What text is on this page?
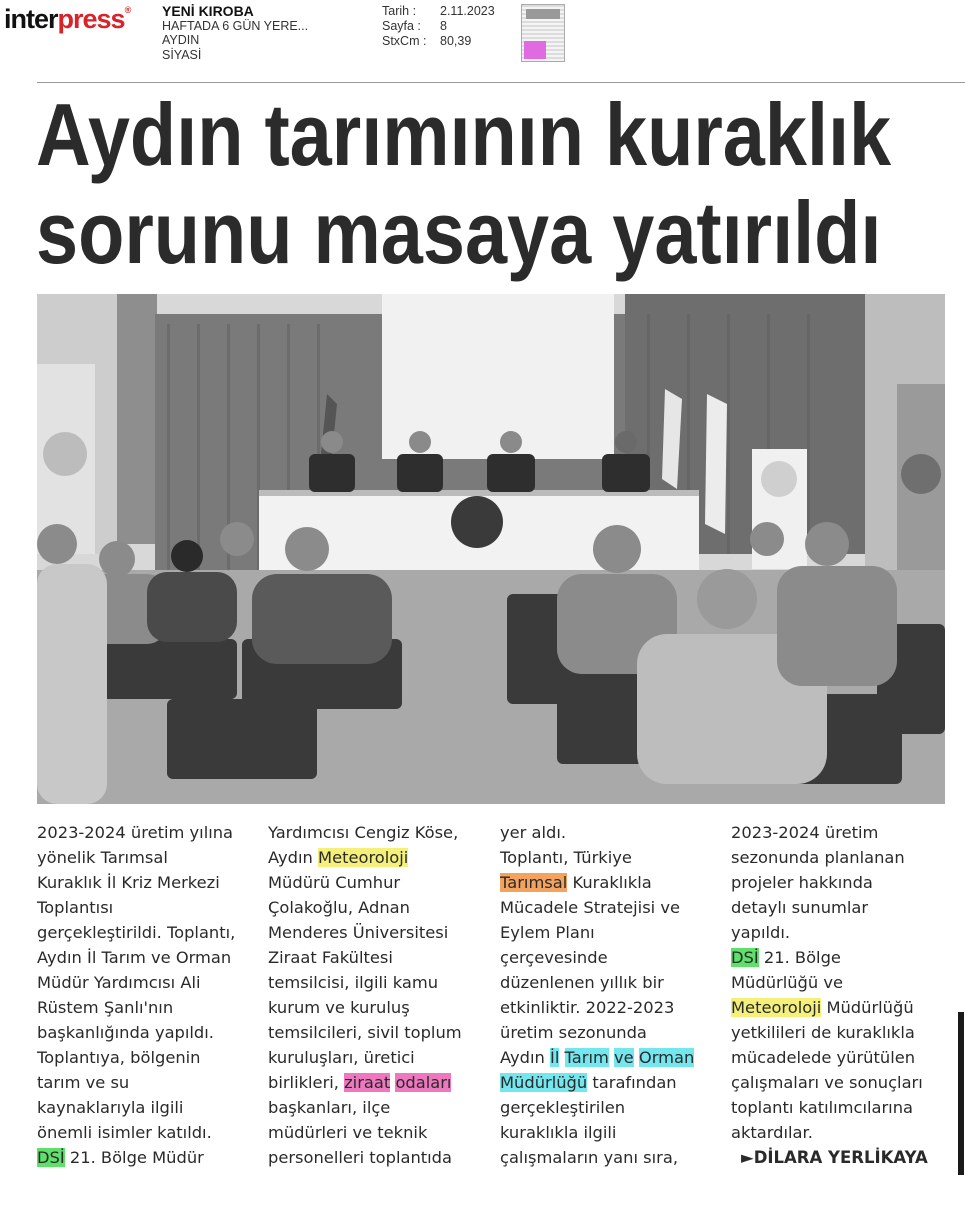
interpress® YENİ KIROBA
HAFTADA 6 GÜN YERE...
AYDIN
SİYASİ
Tarih :	2.11.2023
Sayfa :	8
StxCm :	80,39
Aydın tarımının kuraklık
sorunu masaya yatırıldı
2023-2024 üretim yılına
yönelik Tarımsal
Kuraklık İl Kriz Merkezi
Toplantısı
gerçekleştirildi. Toplantı,
Aydın İl Tarım ve Orman
Müdür Yardımcısı Ali
Rüstem Şanlı'nın
başkanlığında yapıldı.
Toplantıya, bölgenin
tarım ve su
kaynaklarıyla ilgili
önemli isimler katıldı.
DSİ 21. Bölge Müdür
Yardımcısı Cengiz Köse,
Aydın Meteoroloji
Müdürü Cumhur
Çolakoğlu, Adnan
Menderes Üniversitesi
Ziraat Fakültesi
temsilcisi, ilgili kamu
kurum ve kuruluş
temsilcileri, sivil toplum
kuruluşları, üretici
birlikleri, ziraat odaları
başkanları, ilçe
müdürleri ve teknik
personelleri toplantıda
yer aldı.
Toplantı, Türkiye
Tarımsal Kuraklıkla
Mücadele Stratejisi ve
Eylem Planı
çerçevesinde
düzenlenen yıllık bir
etkinliktir. 2022-2023
üretim sezonunda
Aydın İl Tarım ve Orman
Müdürlüğü tarafından
gerçekleştirilen
kuraklıkla ilgili
çalışmaların yanı sıra,
2023-2024 üretim
sezonunda planlanan
projeler hakkında
detaylı sunumlar
yapıldı.
DSİ 21. Bölge
Müdürlüğü ve
Meteoroloji Müdürlüğü
yetkilileri de kuraklıkla
mücadelede yürütülen
çalışmaları ve sonuçları
toplantı katılımcılarına
aktardılar.
►DİLARA YERLİKAYA
